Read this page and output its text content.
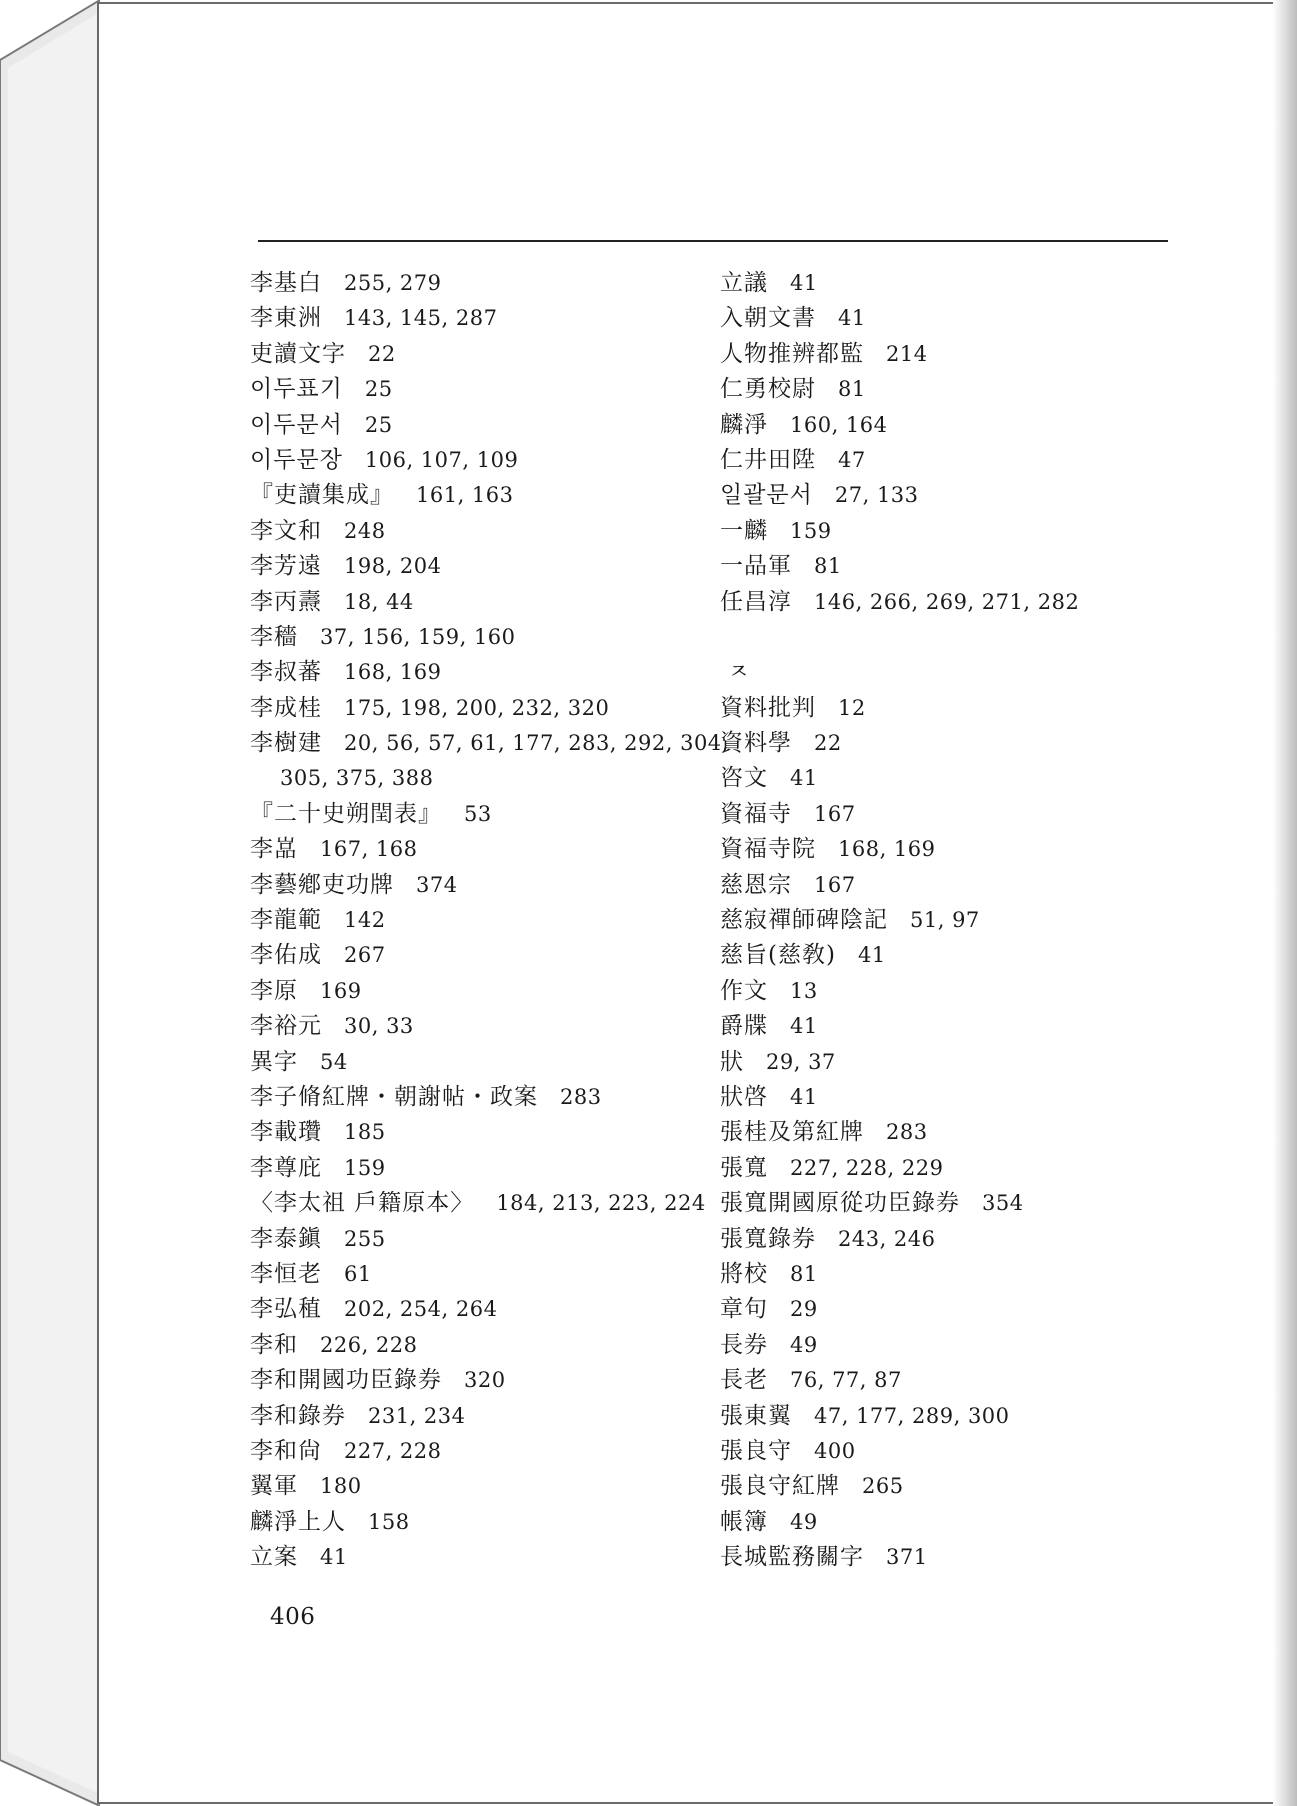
李基白 255, 279
李東洲 143, 145, 287
吏讀文字 22
이두표기 25
이두문서 25
이두문장 106, 107, 109
『吏讀集成』 161, 163
李文和 248
李芳遠 198, 204
李丙燾 18, 44
李穡 37, 156, 159, 160
李叔蕃 168, 169
李成桂 175, 198, 200, 232, 320
李樹建 20, 56, 57, 61, 177, 283, 292, 304,
305, 375, 388
『二十史朔閏表』 53
李嵓 167, 168
李藝鄕吏功牌 374
李龍範 142
李佑成 267
李原 169
李裕元 30, 33
異字 54
李子脩紅牌・朝謝帖・政案 283
李載瓚 185
李尊庇 159
〈李太祖 戶籍原本〉 184, 213, 223, 224
李泰鎭 255
李恒老 61
李弘稙 202, 254, 264
李和 226, 228
李和開國功臣錄券 320
李和錄券 231, 234
李和尙 227, 228
翼軍 180
麟淨上人 158
立案 41
立議 41
入朝文書 41
人物推辨都監 214
仁勇校尉 81
麟淨 160, 164
仁井田陞 47
일괄문서 27, 133
一麟 159
一品軍 81
任昌淳 146, 266, 269, 271, 282
ㅈ
資料批判 12
資料學 22
咨文 41
資福寺 167
資福寺院 168, 169
慈恩宗 167
慈寂禪師碑陰記 51, 97
慈旨(慈敎) 41
作文 13
爵牒 41
狀 29, 37
狀啓 41
張桂及第紅牌 283
張寬 227, 228, 229
張寬開國原從功臣錄券 354
張寬錄券 243, 246
將校 81
章句 29
長券 49
長老 76, 77, 87
張東翼 47, 177, 289, 300
張良守 400
張良守紅牌 265
帳簿 49
長城監務關字 371
406
